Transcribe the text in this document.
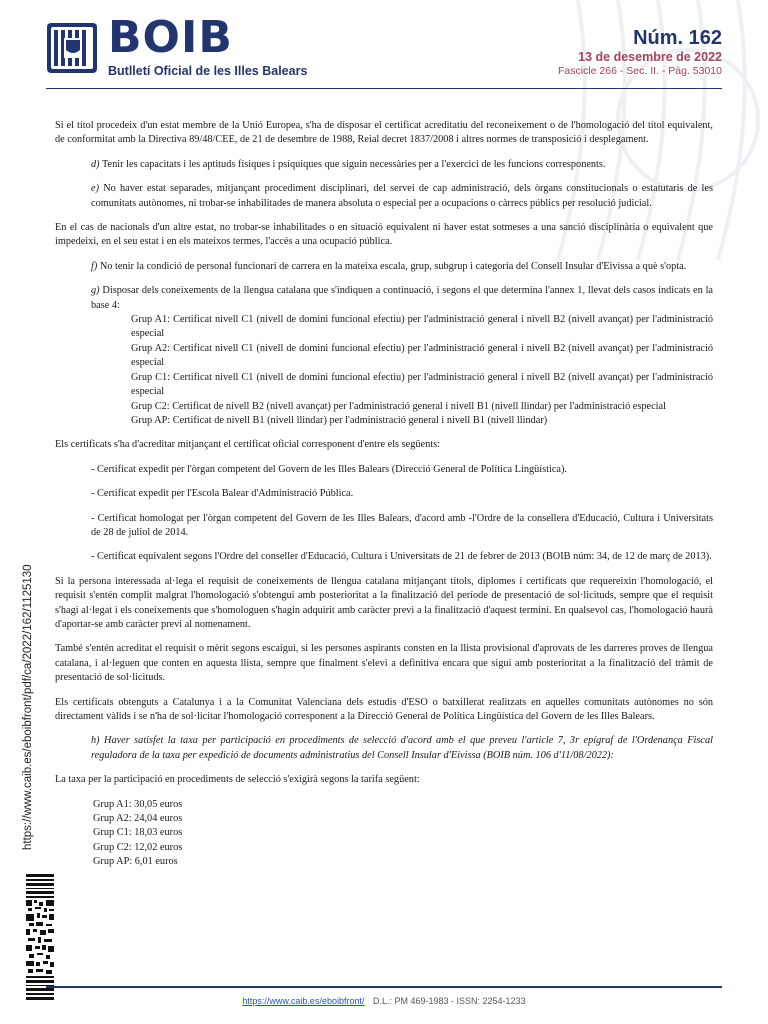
BOIB
Butlletí Oficial de les Illes Balears
Núm. 162
13 de desembre de 2022
Fascicle 266 - Sec. II. - Pàg. 53010

Si el títol procedeix d'un estat membre de la Unió Europea, s'ha de disposar el certificat acreditatiu del reconeixement o de l'homologació del títol equivalent, de conformitat amb la Directiva 89/48/CEE, de 21 de desembre de 1988, Reial decret 1837/2008 i altres normes de transposició i desplegament.

d) Tenir les capacitats i les aptituds físiques i psíquiques que siguin necessàries per a l'exercici de les funcions corresponents.

e) No haver estat separades, mitjançant procediment disciplinari, del servei de cap administració, dels òrgans constitucionals o estatutaris de les comunitats autònomes, ni trobar-se inhabilitades de manera absoluta o especial per a ocupacions o càrrecs públics per resolució judicial.

En el cas de nacionals d'un altre estat, no trobar-se inhabilitades o en situació equivalent ni haver estat sotmeses a una sanció disciplinària o equivalent que impedeixi, en el seu estat i en els mateixos termes, l'accés a una ocupació pública.

f) No tenir la condició de personal funcionari de carrera en la mateixa escala, grup, subgrup i categoria del Consell Insular d'Eivissa a què s'opta.

g) Disposar dels coneixements de la llengua catalana que s'indiquen a continuació, i segons el que determina l'annex 1, llevat dels casos indicats en la base 4:

Grup A1: Certificat nivell C1 (nivell de domini funcional efectiu) per l'administració general i nivell B2 (nivell avançat) per l'administració especial
Grup A2: Certificat nivell C1 (nivell de domini funcional efectiu) per l'administració general i nivell B2 (nivell avançat) per l'administració especial
Grup C1: Certificat nivell C1 (nivell de domini funcional efectiu) per l'administració general i nivell B2 (nivell avançat) per l'administració especial
Grup C2: Certificat de nivell B2 (nivell avançat) per l'administració general i nivell B1 (nivell llindar) per l'administració especial
Grup AP: Certificat de nivell B1 (nivell llindar) per l'administració general i nivell B1 (nivell llindar)

Els certificats s'ha d'acreditar mitjançant el certificat oficial corresponent d'entre els següents:

- Certificat expedit per l'òrgan competent del Govern de les Illes Balears (Direcció General de Política Lingüística).

- Certificat expedit per l'Escola Balear d'Administració Pública.

- Certificat homologat per l'òrgan competent del Govern de les Illes Balears, d'acord amb -l'Ordre de la consellera d'Educació, Cultura i Universitats de 28 de juliol de 2014.

- Certificat equivalent segons l'Ordre del conseller d'Educació, Cultura i Universitats de 21 de febrer de 2013 (BOIB núm: 34, de 12 de març de 2013).

Si la persona interessada al·lega el requisit de coneixements de llengua catalana mitjançant títols, diplomes i certificats que requereixin l'homologació, el requisit s'entén complit malgrat l'homologació s'obtengui amb posterioritat a la finalització del període de presentació de sol·licituds, sempre que el requisit s'hagi al·legat i els coneixements que s'homologuen s'hagin adquirit amb caràcter previ a la finalització d'aquest termini. En qualsevol cas, l'homologació haurà d'aportar-se amb caràcter previ al nomenament.

També s'entén acreditat el requisit o mèrit segons escaigui, si les persones aspirants consten en la llista provisional d'aprovats de les darreres proves de llengua catalana, i al·leguen que conten en aquesta llista, sempre que finalment s'elevi a definitiva encara que sigui amb posterioritat a la finalització del tràmit de presentació de sol·licituds.

Els certificats obtenguts a Catalunya i a la Comunitat Valenciana dels estudis d'ESO o batxillerat realitzats en aquelles comunitats autònomes no són directament vàlids i se n'ha de sol·licitar l'homologació corresponent a la Direcció General de Política Lingüística del Govern de les Illes Balears.

h) Haver satisfet la taxa per participació en procediments de selecció d'acord amb el que preveu l'article 7, 3r epígraf de l'Ordenança Fiscal reguladora de la taxa per expedició de documents administratius del Consell Insular d'Eivissa (BOIB núm. 106 d'11/08/2022):

La taxa per la participació en procediments de selecció s'exigirà segons la tarifa següent:

Grup A1: 30,05 euros
Grup A2: 24,04 euros
Grup C1: 18,03 euros
Grup C2: 12,02 euros
Grup AP: 6,01 euros
https://www.caib.es/eboibfront/pdf/ca/2022/162/1125130
https://www.caib.es/eboibfront/ D.L.: PM 469-1983 - ISSN: 2254-1233
